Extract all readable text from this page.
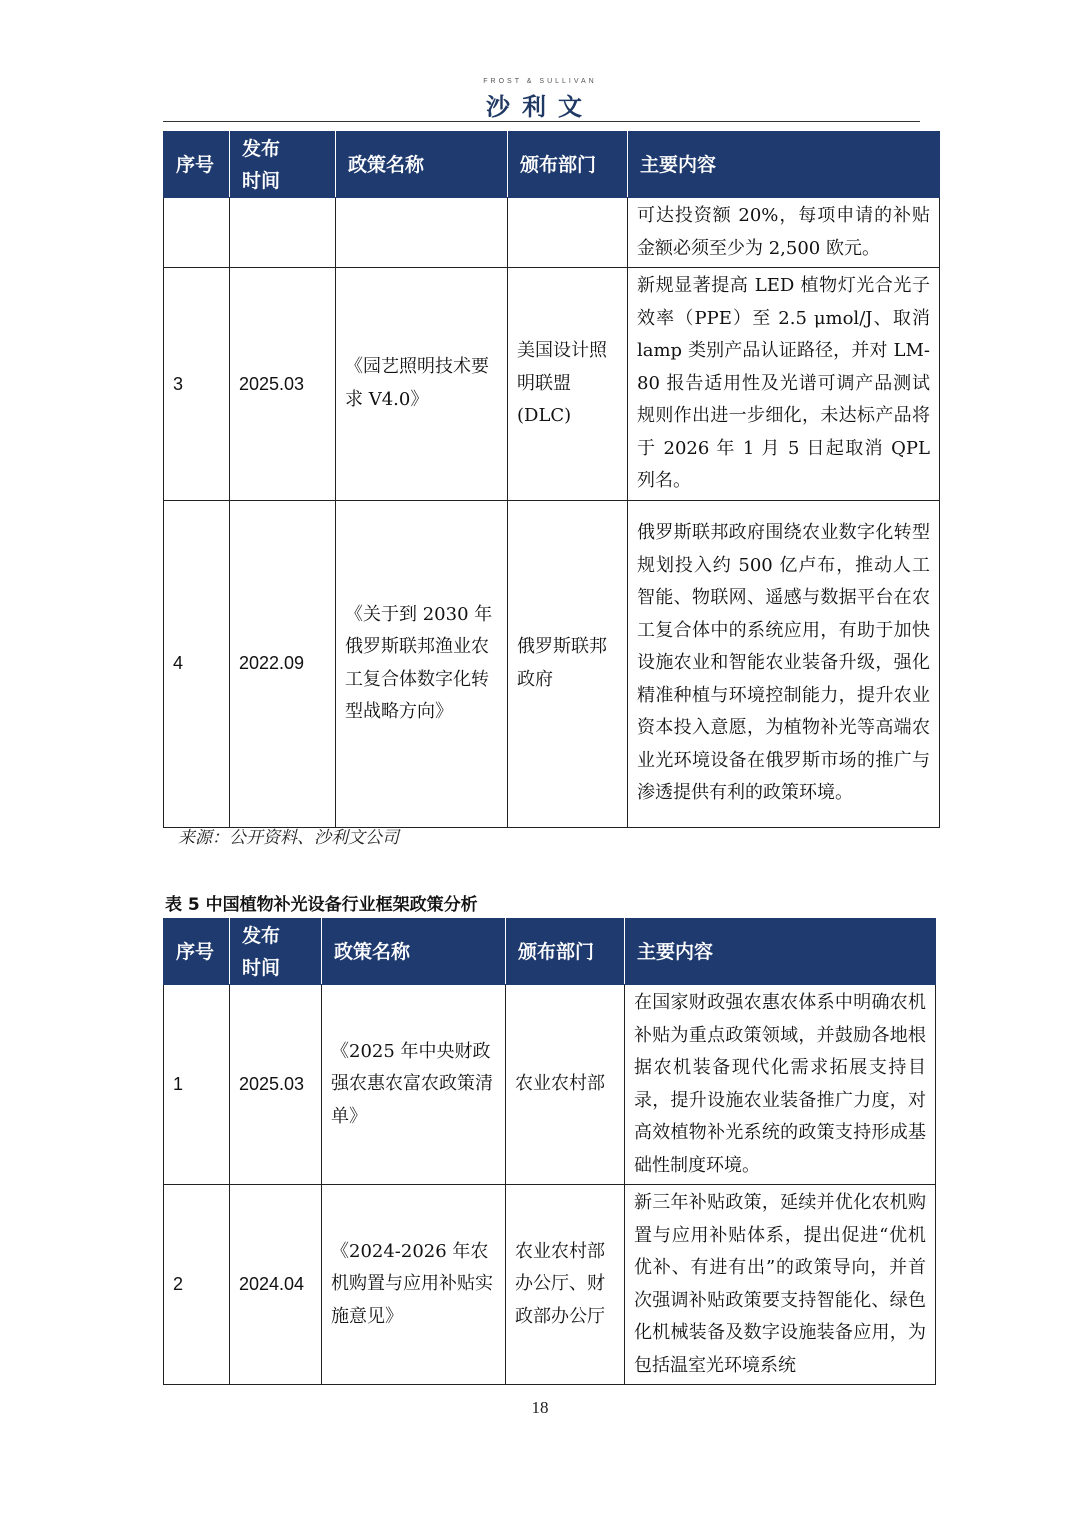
FROST & SULLIVAN
沙利文
序号	发布时间	政策名称	颁布部门	主要内容
				可达投资额 20%，每项申请的补贴金额必须至少为 2,500 欧元。
3	2025.03	《园艺照明技术要求 V4.0》	美国设计照明联盟 (DLC)	新规显著提高 LED 植物灯光合光子效率（PPE）至 2.5 μmol/J、取消 lamp 类别产品认证路径，并对 LM-80 报告适用性及光谱可调产品测试规则作出进一步细化，未达标产品将于 2026 年 1 月 5 日起取消 QPL 列名。
4	2022.09	《关于到 2030 年俄罗斯联邦渔业农工复合体数字化转型战略方向》	俄罗斯联邦政府	俄罗斯联邦政府围绕农业数字化转型规划投入约 500 亿卢布，推动人工智能、物联网、遥感与数据平台在农工复合体中的系统应用，有助于加快设施农业和智能农业装备升级，强化精准种植与环境控制能力，提升农业资本投入意愿，为植物补光等高端农业光环境设备在俄罗斯市场的推广与渗透提供有利的政策环境。
来源：公开资料、沙利文公司
表 5 中国植物补光设备行业框架政策分析
序号	发布时间	政策名称	颁布部门	主要内容
1	2025.03	《2025 年中央财政强农惠农富农政策清单》	农业农村部	在国家财政强农惠农体系中明确农机补贴为重点政策领域，并鼓励各地根据农机装备现代化需求拓展支持目录，提升设施农业装备推广力度，对高效植物补光系统的政策支持形成基础性制度环境。
2	2024.04	《2024-2026 年农机购置与应用补贴实施意见》	农业农村部办公厅、财政部办公厅	新三年补贴政策，延续并优化农机购置与应用补贴体系，提出促进“优机优补、有进有出”的政策导向，并首次强调补贴政策要支持智能化、绿色化机械装备及数字设施装备应用，为包括温室光环境系统
18
